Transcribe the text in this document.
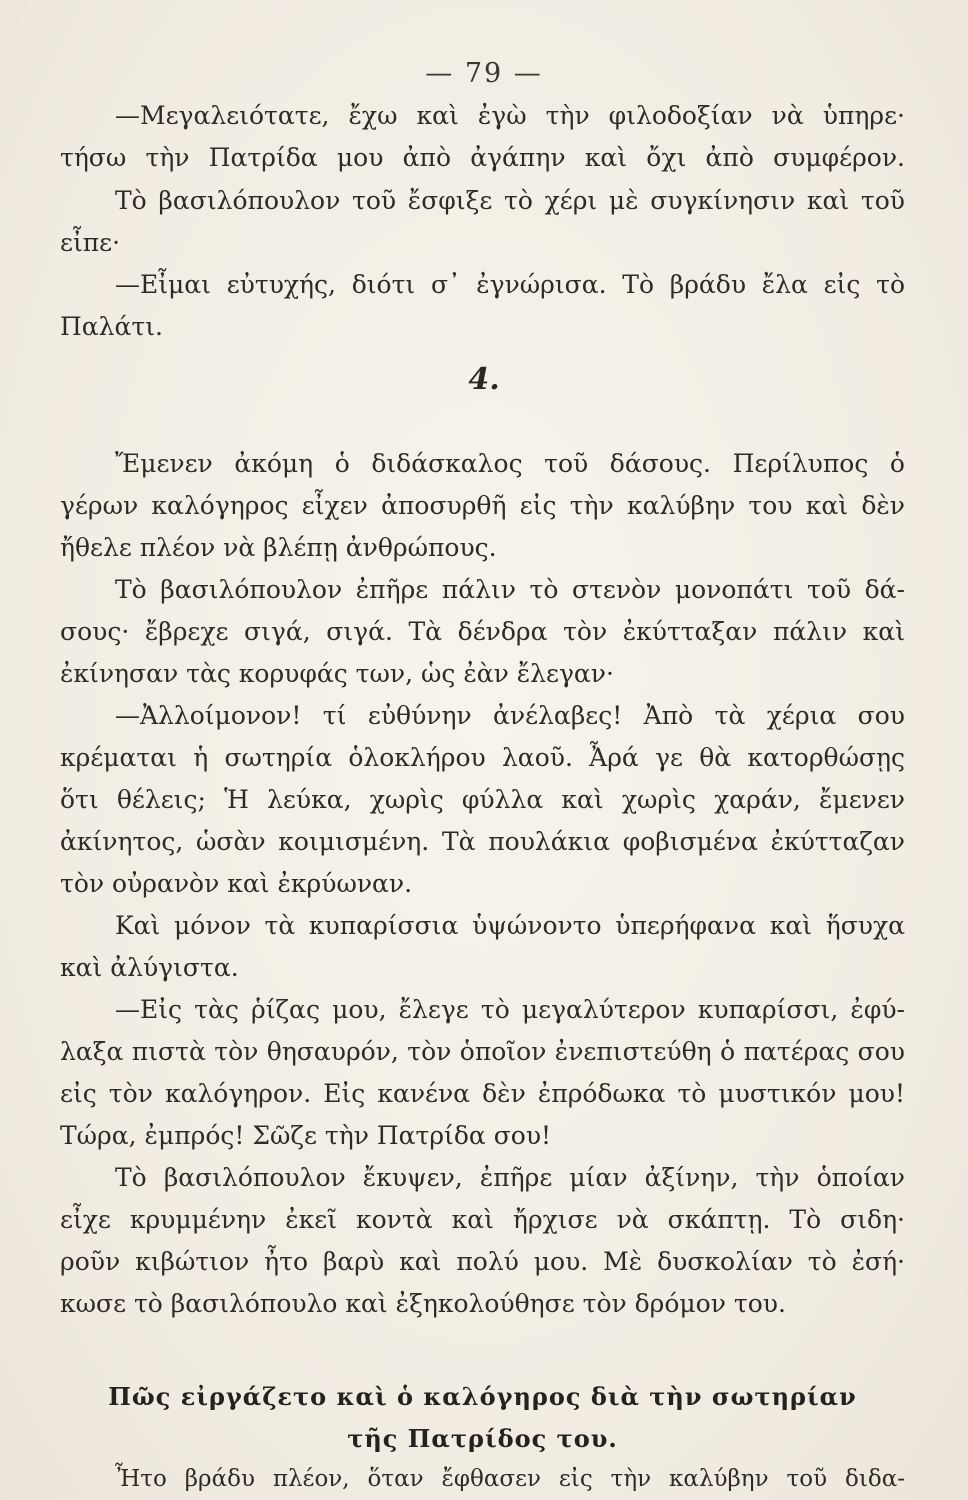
— 79 —
—Μεγαλειότατε, ἔχω καὶ ἐγὼ τὴν φιλοδοξίαν νὰ ὑπηρε·
τήσω τὴν Πατρίδα μου ἀπὸ ἀγάπην καὶ ὄχι ἀπὸ συμφέρον.
Τὸ βασιλόπουλον τοῦ ἔσφιξε τὸ χέρι μὲ συγκίνησιν καὶ τοῦ
εἶπε·
—Εἶμαι εὐτυχής, διότι σ᾽ ἐγνώρισα. Τὸ βράδυ ἔλα εἰς τὸ
Παλάτι.
4.
Ἔμενεν ἀκόμη ὁ διδάσκαλος τοῦ δάσους. Περίλυπος ὁ
γέρων καλόγηρος εἶχεν ἀποσυρθῆ εἰς τὴν καλύβην του καὶ δὲν
ἤθελε πλέον νὰ βλέπῃ ἀνθρώπους.
Τὸ βασιλόπουλον ἐπῆρε πάλιν τὸ στενὸν μονοπάτι τοῦ δά-
σους· ἔβρεχε σιγά, σιγά. Τὰ δένδρα τὸν ἐκύτταξαν πάλιν καὶ
ἐκίνησαν τὰς κορυφάς των, ὡς ἐὰν ἔλεγαν·
—Ἀλλοίμονον! τί εὐθύνην ἀνέλαβες! Ἀπὸ τὰ χέρια σου
κρέμαται ἡ σωτηρία ὁλοκλήρου λαοῦ. Ἆρά γε θὰ κατορθώσῃς
ὅτι θέλεις; Ἡ λεύκα, χωρὶς φύλλα καὶ χωρὶς χαράν, ἔμενεν
ἀκίνητος, ὡσὰν κοιμισμένη. Τὰ πουλάκια φοβισμένα ἐκύτταζαν
τὸν οὐρανὸν καὶ ἐκρύωναν.
Καὶ μόνον τὰ κυπαρίσσια ὑψώνοντο ὑπερήφανα καὶ ἥσυχα
καὶ ἀλύγιστα.
—Εἰς τὰς ῥίζας μου, ἔλεγε τὸ μεγαλύτερον κυπαρίσσι, ἐφύ-
λαξα πιστὰ τὸν θησαυρόν, τὸν ὁποῖον ἐνεπιστεύθη ὁ πατέρας σου
εἰς τὸν καλόγηρον. Εἰς κανένα δὲν ἐπρόδωκα τὸ μυστικόν μου!
Τώρα, ἐμπρός! Σῶζε τὴν Πατρίδα σου!
Τὸ βασιλόπουλον ἔκυψεν, ἐπῆρε μίαν ἀξίνην, τὴν ὁποίαν
εἶχε κρυμμένην ἐκεῖ κοντὰ καὶ ἤρχισε νὰ σκάπτῃ. Τὸ σιδη·
ροῦν κιβώτιον ἦτο βαρὺ καὶ πολύ μου. Μὲ δυσκολίαν τὸ ἐσή·
κωσε τὸ βασιλόπουλο καὶ ἐξηκολούθησε τὸν δρόμον του.
Πῶς εἰργάζετο καὶ ὁ καλόγηρος διὰ τὴν σωτηρίαν
τῆς Πατρίδος του.
Ἦτο βράδυ πλέον, ὅταν ἔφθασεν εἰς τὴν καλύβην τοῦ διδα-
